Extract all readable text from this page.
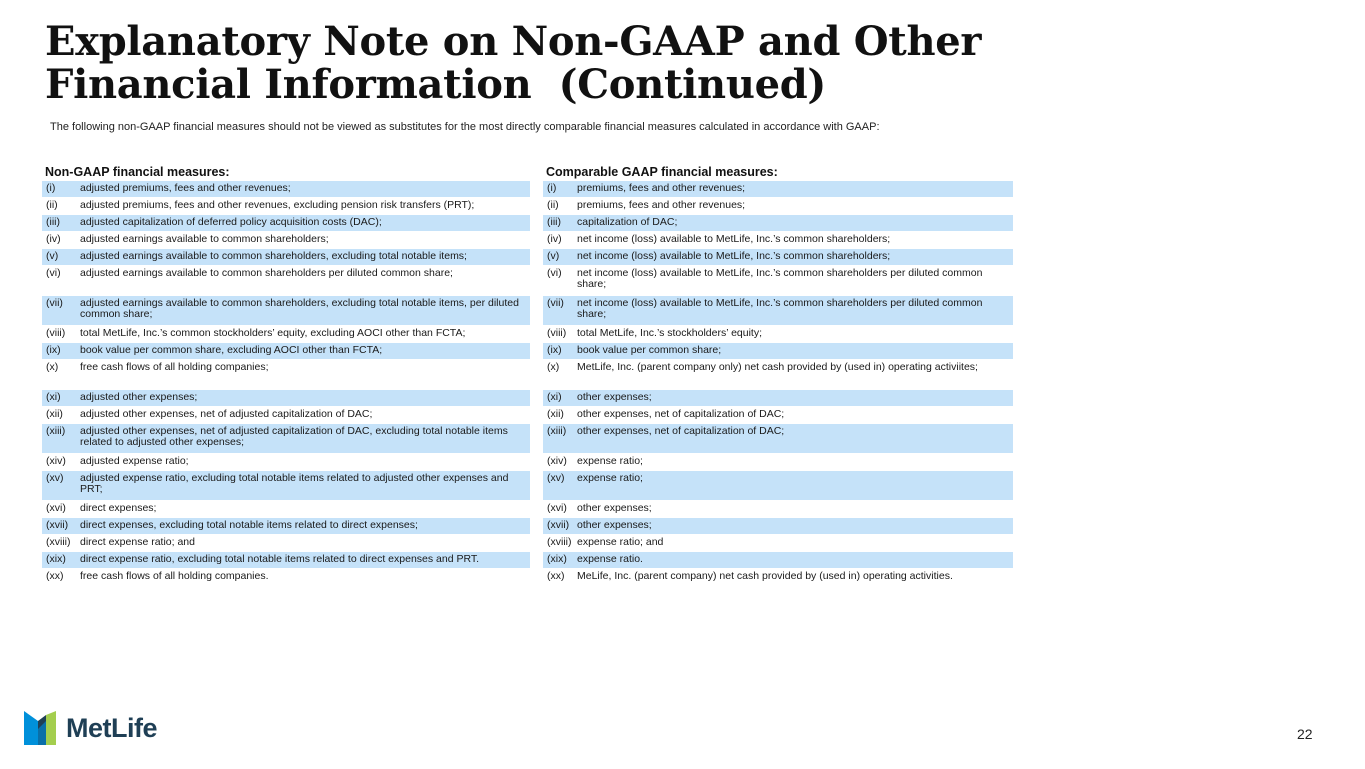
Explanatory Note on Non-GAAP and Other
Financial Information  (Continued)
The following non-GAAP financial measures should not be viewed as substitutes for the most directly comparable financial measures calculated in accordance with GAAP:
Non-GAAP financial measures:
(i)	adjusted premiums, fees and other revenues;
(ii)	adjusted premiums, fees and other revenues, excluding pension risk transfers (PRT);
(iii)	adjusted capitalization of deferred policy acquisition costs (DAC);
(iv)	adjusted earnings available to common shareholders;
(v)	adjusted earnings available to common shareholders, excluding total notable items;
(vi)	adjusted earnings available to common shareholders per diluted common share;
(vii)	adjusted earnings available to common shareholders, excluding total notable items, per diluted common share;
(viii)	total MetLife, Inc.’s common stockholders’ equity, excluding AOCI other than FCTA;
(ix)	book value per common share, excluding AOCI other than FCTA;
(x)	free cash flows of all holding companies;
(xi)	adjusted other expenses;
(xii)	adjusted other expenses, net of adjusted capitalization of DAC;
(xiii)	adjusted other expenses, net of adjusted capitalization of DAC, excluding total notable items related to adjusted other expenses;
(xiv)	adjusted expense ratio;
(xv)	adjusted expense ratio, excluding total notable items related to adjusted other expenses and PRT;
(xvi)	direct expenses;
(xvii)	direct expenses, excluding total notable items related to direct expenses;
(xviii) direct expense ratio; and
(xix)	direct expense ratio, excluding total notable items related to direct expenses and PRT.
(xx)	free cash flows of all holding companies.
Comparable GAAP financial measures:
(i)	premiums, fees and other revenues;
(ii)	premiums, fees and other revenues;
(iii)	capitalization of DAC;
(iv)	net income (loss) available to MetLife, Inc.’s common shareholders;
(v)	net income (loss) available to MetLife, Inc.’s common shareholders;
(vi)	net income (loss) available to MetLife, Inc.’s common shareholders per diluted common share;
(vii)	net income (loss) available to MetLife, Inc.’s common shareholders per diluted common share;
(viii)	total MetLife, Inc.’s stockholders’ equity;
(ix)	book value per common share;
(x)	MetLife, Inc. (parent company only) net cash provided by (used in) operating activiites;
(xi)	other expenses;
(xii)	other expenses, net of capitalization of DAC;
(xiii)	other expenses, net of capitalization of DAC;
(xiv) expense ratio;
(xv)	expense ratio;
(xvi) other expenses;
(xvii) other expenses;
(xviii) expense ratio; and
(xix) expense ratio.
(xx)	MeLife, Inc. (parent company) net cash provided by (used in) operating activities.
MetLife	22
